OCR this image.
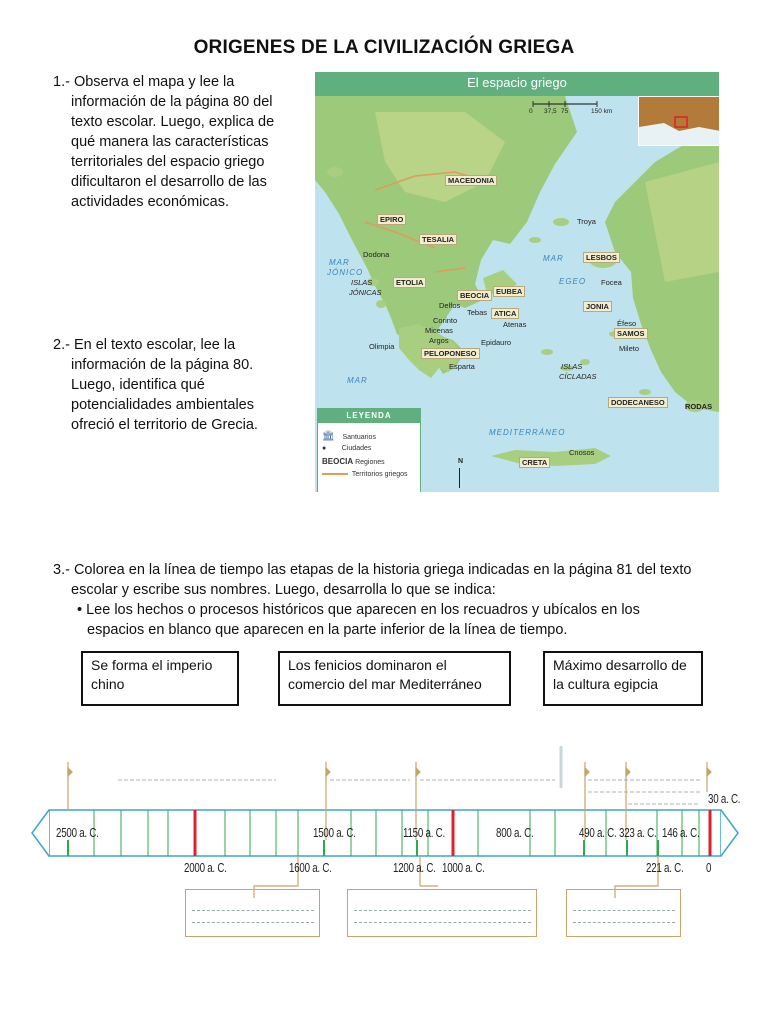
ORIGENES DE LA CIVILIZACIÓN GRIEGA

1.- Observa el mapa y lee la

información de la página 80 del

texto escolar. Luego, explica de

qué manera las características

territoriales del espacio griego

dificultaron el desarrollo de las

actividades económicas.

2.- En el texto escolar, lee la

información de la página 80.

Luego, identifica qué

potencialidades ambientales

ofreció el territorio de Grecia.

El espacio griego
0 37,5 75	150 km
MACEDONIA
EPIRO
TESALIA
ETOLIA
BEOCIA EUBEA
ATICA
PELOPONESO
CRETA
LESBOS
JONIA
SAMOS
DODECANESO	RODAS
Dodona
Delfos
Tebas
Corinto
Micenas
Argos
Atenas
Olimpia	Epidauro
Esparta
Troya
Focea
Éfeso
Mileto
Cnosos
MAR
JÓNICO
MAR
EGEO
MAR
MEDITERRÁNEO
ISLAS
JÓNICAS
ISLAS
CÍCLADAS
LEYENDA
🏛 Santuarios
● Ciudades
BEOCIA Regiones
Territorios griegos
N

3.- Colorea en la línea de tiempo las etapas de la historia griega indicadas en la página 81 del texto

escolar y escribe sus nombres. Luego, desarrolla lo que se indica:

• Lee los hechos o procesos históricos que aparecen en los recuadros y ubícalos en los

espacios en blanco que aparecen en la parte inferior de la línea de tiempo.

Se forma el imperio chino
Los fenicios dominaron el comercio del mar Mediterráneo
Máximo desarrollo de la cultura egipcia
2500 a. C.	1500 a. C.	1150 a. C.	800 a. C.	490 a. C. 323 a. C. 146 a. C.
30 a. C.
2000 a. C.	1600 a. C.	1200 a. C. 1000 a. C.	221 a. C. 0
